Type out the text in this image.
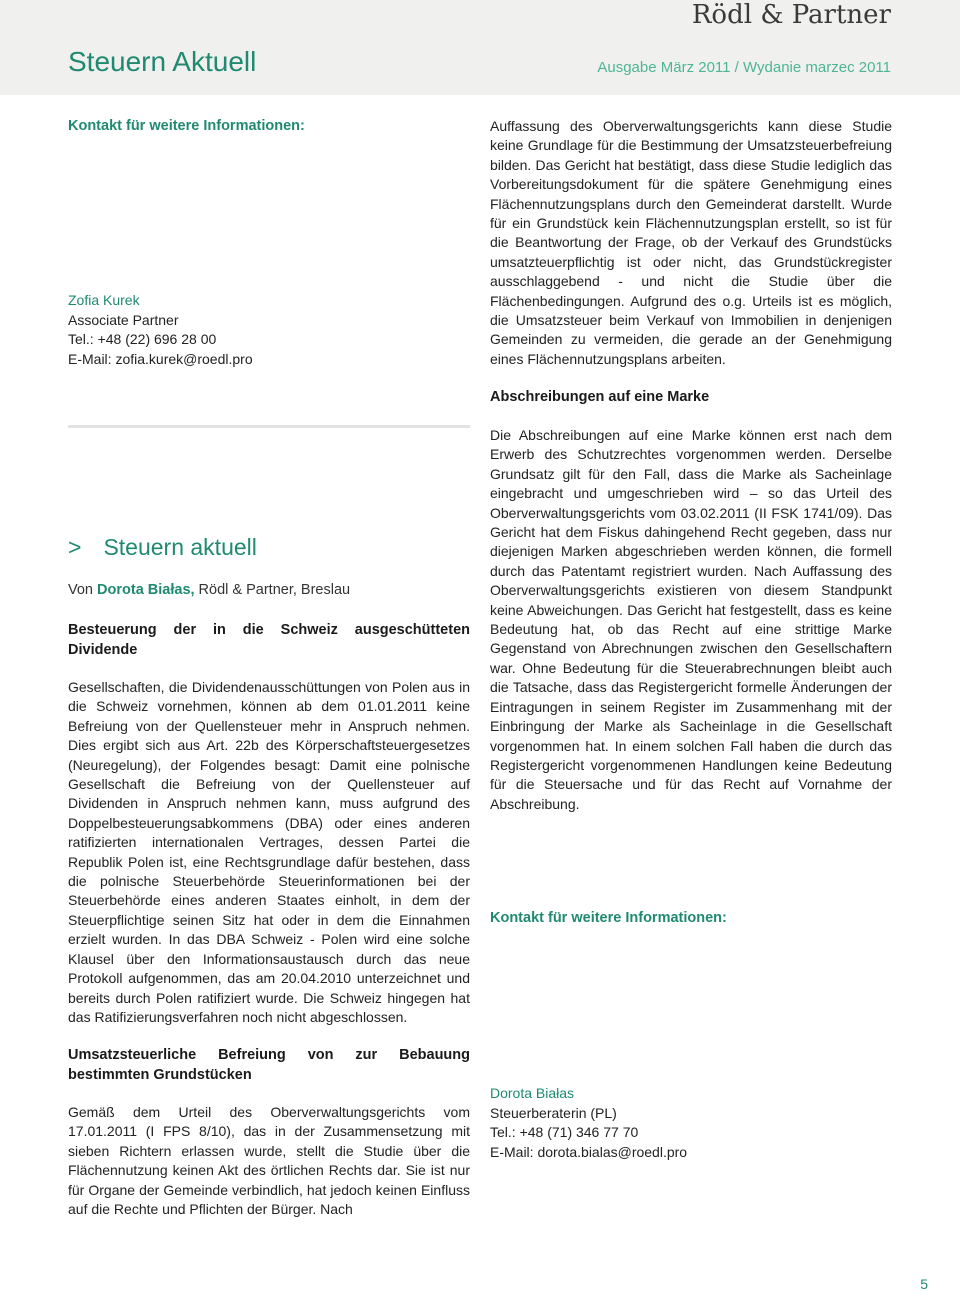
Rödl & Partner
Steuern Aktuell	Ausgabe März 2011 / Wydanie marzec 2011
Kontakt für weitere Informationen:
Zofia Kurek
Associate Partner
Tel.: +48 (22) 696 28 00
E-Mail: zofia.kurek@roedl.pro
> Steuern aktuell
Von Dorota Białas, Rödl & Partner, Breslau
Besteuerung der in die Schweiz ausgeschütteten Dividende

Gesellschaften, die Dividendenausschüttungen von Polen aus in die Schweiz vornehmen, können ab dem 01.01.2011 keine Befreiung von der Quellensteuer mehr in Anspruch nehmen. Dies ergibt sich aus Art. 22b des Körperschaftsteuergesetzes (Neuregelung), der Folgendes besagt: Damit eine polnische Gesellschaft die Befreiung von der Quellensteuer auf Dividenden in Anspruch nehmen kann, muss aufgrund des Doppelbesteuerungsabkommens (DBA) oder eines anderen ratifizierten internationalen Vertrages, dessen Partei die Republik Polen ist, eine Rechtsgrundlage dafür bestehen, dass die polnische Steuerbehörde Steuerinformationen bei der Steuerbehörde eines anderen Staates einholt, in dem der Steuerpflichtige seinen Sitz hat oder in dem die Einnahmen erzielt wurden. In das DBA Schweiz - Polen wird eine solche Klausel über den Informationsaustausch durch das neue Protokoll aufgenommen, das am 20.04.2010 unterzeichnet und bereits durch Polen ratifiziert wurde. Die Schweiz hingegen hat das Ratifizierungsverfahren noch nicht abgeschlossen.

Umsatzsteuerliche Befreiung von zur Bebauung bestimmten Grundstücken

Gemäß dem Urteil des Oberverwaltungsgerichts vom 17.01.2011 (I FPS 8/10), das in der Zusammensetzung mit sieben Richtern erlassen wurde, stellt die Studie über die Flächennutzung keinen Akt des örtlichen Rechts dar. Sie ist nur für Organe der Gemeinde verbindlich, hat jedoch keinen Einfluss auf die Rechte und Pflichten der Bürger. Nach

Auffassung des Oberverwaltungsgerichts kann diese Studie keine Grundlage für die Bestimmung der Umsatzsteuerbefreiung bilden. Das Gericht hat bestätigt, dass diese Studie lediglich das Vorbereitungsdokument für die spätere Genehmigung eines Flächennutzungsplans durch den Gemeinderat darstellt. Wurde für ein Grundstück kein Flächennutzungsplan erstellt, so ist für die Beantwortung der Frage, ob der Verkauf des Grundstücks umsatzteuerpflichtig ist oder nicht, das Grundstückregister ausschlaggebend - und nicht die Studie über die Flächenbedingungen. Aufgrund des o.g. Urteils ist es möglich, die Umsatzsteuer beim Verkauf von Immobilien in denjenigen Gemeinden zu vermeiden, die gerade an der Genehmigung eines Flächennutzungsplans arbeiten.

Abschreibungen auf eine Marke

Die Abschreibungen auf eine Marke können erst nach dem Erwerb des Schutzrechtes vorgenommen werden. Derselbe Grundsatz gilt für den Fall, dass die Marke als Sacheinlage eingebracht und umgeschrieben wird – so das Urteil des Oberverwaltungsgerichts vom 03.02.2011 (II FSK 1741/09). Das Gericht hat dem Fiskus dahingehend Recht gegeben, dass nur diejenigen Marken abgeschrieben werden können, die formell durch das Patentamt registriert wurden. Nach Auffassung des Oberverwaltungsgerichts existieren von diesem Standpunkt keine Abweichungen. Das Gericht hat festgestellt, dass es keine Bedeutung hat, ob das Recht auf eine strittige Marke Gegenstand von Abrechnungen zwischen den Gesellschaftern war. Ohne Bedeutung für die Steuerabrechnungen bleibt auch die Tatsache, dass das Registergericht formelle Änderungen der Eintragungen in seinem Register im Zusammenhang mit der Einbringung der Marke als Sacheinlage in die Gesellschaft vorgenommen hat. In einem solchen Fall haben die durch das Registergericht vorgenommenen Handlungen keine Bedeutung für die Steuersache und für das Recht auf Vornahme der Abschreibung.

Kontakt für weitere Informationen:
Dorota Białas
Steuerberaterin (PL)
Tel.: +48 (71) 346 77 70
E-Mail: dorota.bialas@roedl.pro
5
